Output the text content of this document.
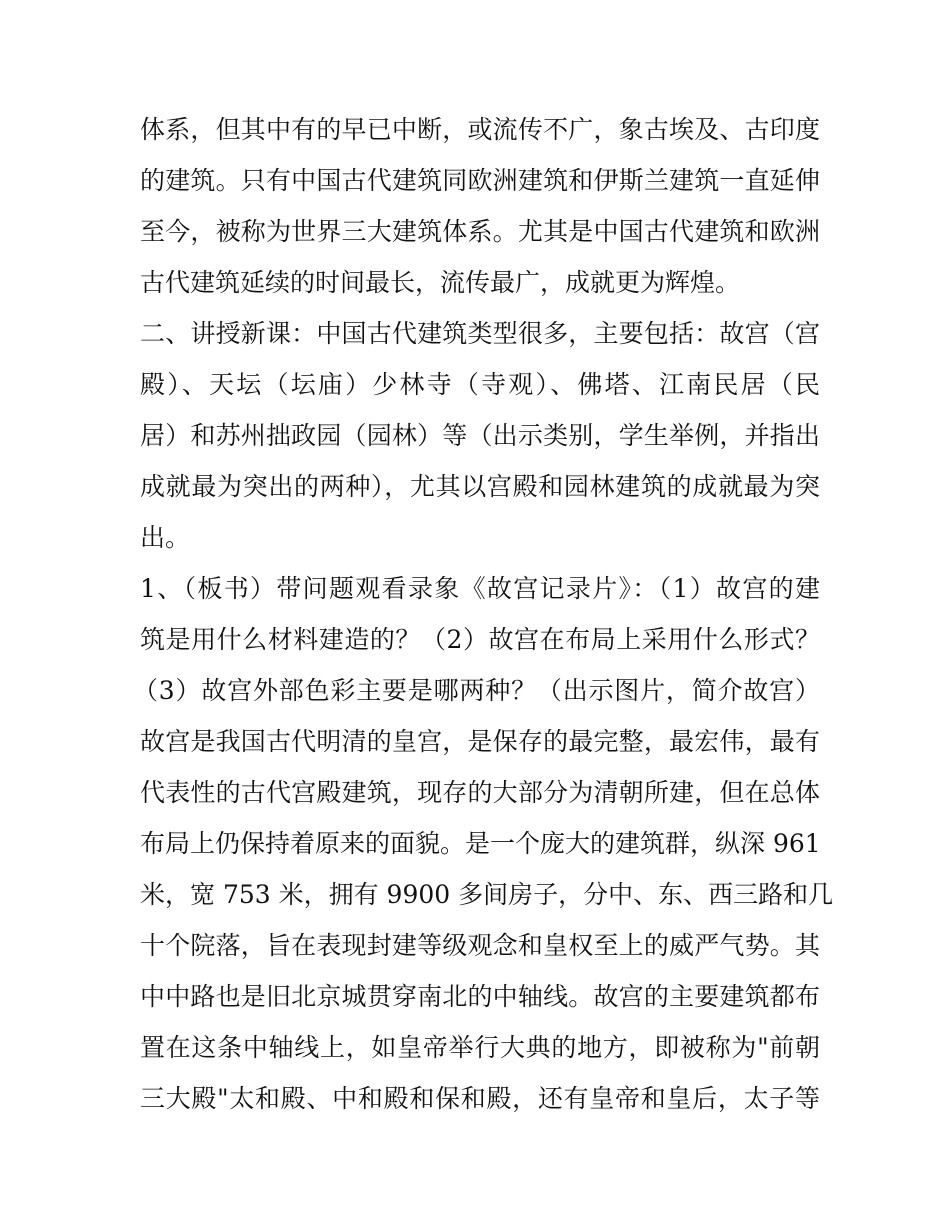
体系，但其中有的早已中断，或流传不广，象古埃及、古印度
的建筑。只有中国古代建筑同欧洲建筑和伊斯兰建筑一直延伸
至今，被称为世界三大建筑体系。尤其是中国古代建筑和欧洲
古代建筑延续的时间最长，流传最广，成就更为辉煌。
二、讲授新课：中国古代建筑类型很多，主要包括：故宫（宫
殿）、天坛（坛庙）少林寺（寺观）、佛塔、江南民居（民
居）和苏州拙政园（园林）等（出示类别，学生举例，并指出
成就最为突出的两种），尤其以宫殿和园林建筑的成就最为突
出。
1、（板书）带问题观看录象《故宫记录片》：（1）故宫的建
筑是用什么材料建造的？（2）故宫在布局上采用什么形式？
（3）故宫外部色彩主要是哪两种？（出示图片，简介故宫）
故宫是我国古代明清的皇宫，是保存的最完整，最宏伟，最有
代表性的古代宫殿建筑，现存的大部分为清朝所建，但在总体
布局上仍保持着原来的面貌。是一个庞大的建筑群，纵深 961
米，宽 753 米，拥有 9900 多间房子，分中、东、西三路和几
十个院落，旨在表现封建等级观念和皇权至上的威严气势。其
中中路也是旧北京城贯穿南北的中轴线。故宫的主要建筑都布
置在这条中轴线上，如皇帝举行大典的地方，即被称为"前朝
三大殿"太和殿、中和殿和保和殿，还有皇帝和皇后，太子等
